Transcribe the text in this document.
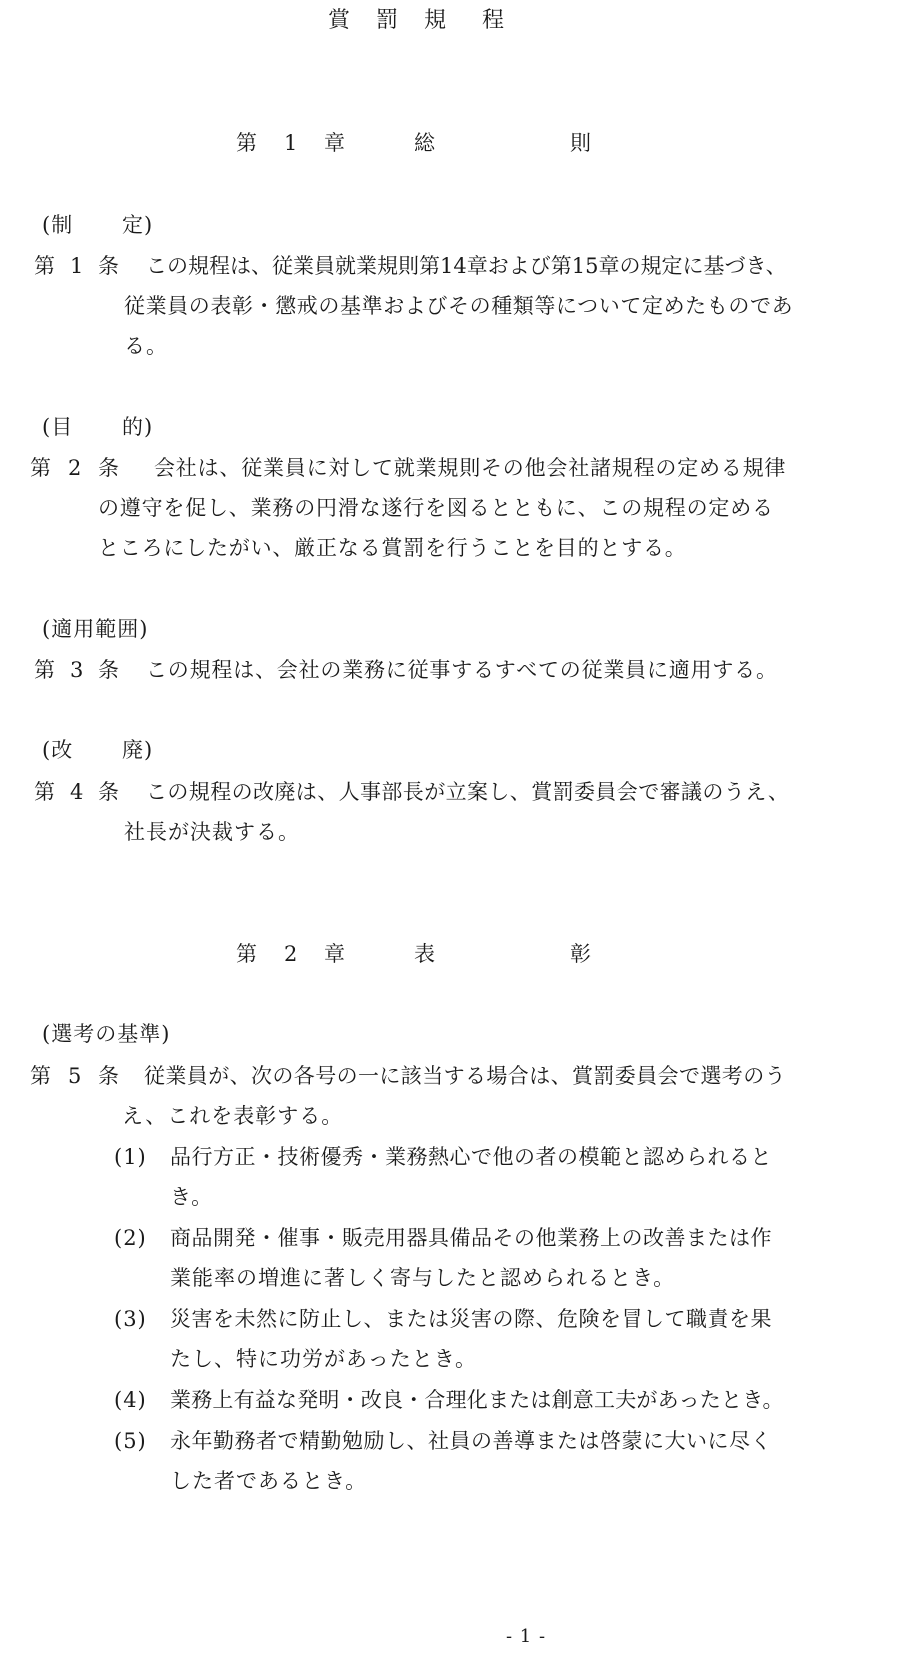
賞 罰 規 程
第 1 章	総	則
(制 定)
第 1 条 この規程は、従業員就業規則第14章および第15章の規定に基づき、
従業員の表彰・懲戒の基準およびその種類等について定めたものであ
る。
(目 的)
第 2 条 会社は、従業員に対して就業規則その他会社諸規程の定める規律
の遵守を促し、業務の円滑な遂行を図るとともに、この規程の定める
ところにしたがい、厳正なる賞罰を行うことを目的とする。
(適用範囲)
第 3 条 この規程は、会社の業務に従事するすべての従業員に適用する。
(改 廃)
第 4 条 この規程の改廃は、人事部長が立案し、賞罰委員会で審議のうえ、
社長が決裁する。
第 2 章	表	彰
(選考の基準)
第 5 条 従業員が、次の各号の一に該当する場合は、賞罰委員会で選考のう
え、これを表彰する。
(1) 品行方正・技術優秀・業務熱心で他の者の模範と認められると
き。
(2) 商品開発・催事・販売用器具備品その他業務上の改善または作
業能率の増進に著しく寄与したと認められるとき。
(3) 災害を未然に防止し、または災害の際、危険を冒して職責を果
たし、特に功労があったとき。
(4) 業務上有益な発明・改良・合理化または創意工夫があったとき。
(5) 永年勤務者で精勤勉励し、社員の善導または啓蒙に大いに尽く
した者であるとき。
- 1 -
